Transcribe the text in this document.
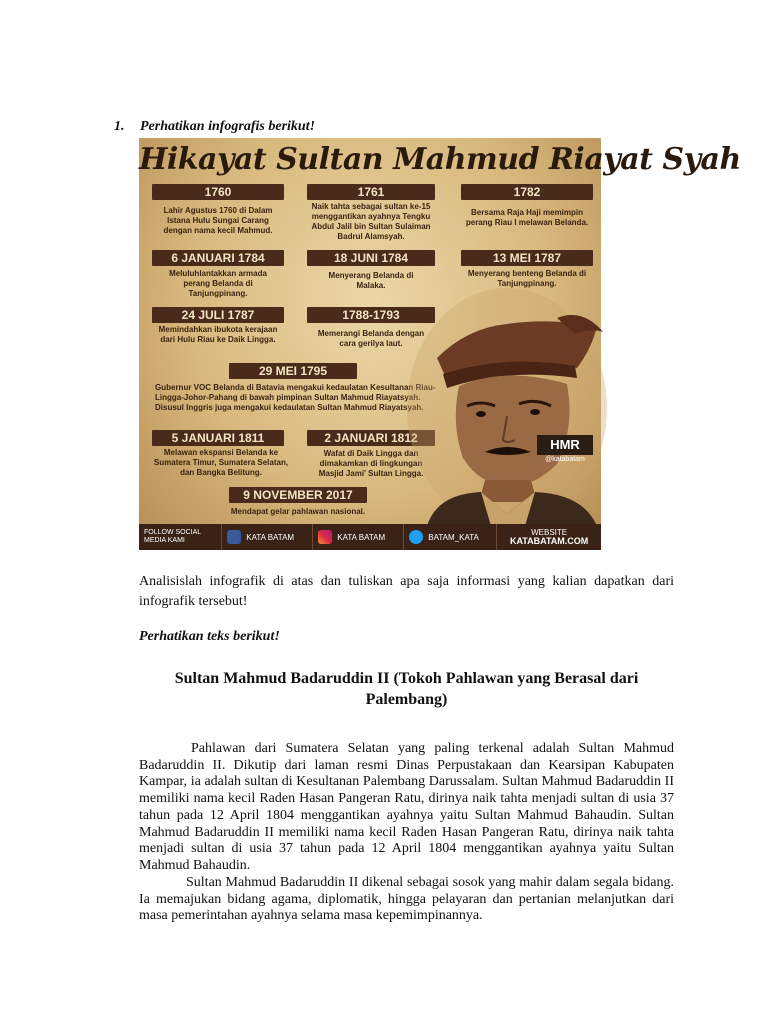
1. Perhatikan infografis berikut!
Hikayat Sultan Mahmud Riayat Syah
1760
Lahir Agustus 1760 di Dalam Istana Hulu Sungai Carang dengan nama kecil Mahmud.
1761
Naik tahta sebagai sultan ke-15 menggantikan ayahnya Tengku Abdul Jalil bin Sultan Sulaiman Badrul Alamsyah.
1782
Bersama Raja Haji memimpin perang Riau I melawan Belanda.
6 JANUARI 1784
Meluluhlantakkan armada perang Belanda di Tanjungpinang.
18 JUNI 1784
Menyerang Belanda di Malaka.
13 MEI 1787
Menyerang benteng Belanda di Tanjungpinang.
24 JULI 1787
Memindahkan ibukota kerajaan dari Hulu Riau ke Daik Lingga.
1788-1793
Memerangi Belanda dengan cara gerilya laut.
29 MEI 1795
Gubernur VOC Belanda di Batavia mengakui kedaulatan Kesultanan Riau-Lingga-Johor-Pahang di bawah pimpinan Sultan Mahmud Riayatsyah. Disusul Inggris juga mengakui kedaulatan Sultan Mahmud Riayatsyah.
5 JANUARI 1811
Melawan ekspansi Belanda ke Sumatera Timur, Sumatera Selatan, dan Bangka Belitung.
2 JANUARI 1812
Wafat di Daik Lingga dan dimakamkan di lingkungan Masjid Jami' Sultan Lingga.
9 NOVEMBER 2017
Mendapat gelar pahlawan nasional.
HMR
@katabatam
FOLLOW SOCIAL MEDIA KAMI	KATA BATAM	KATA BATAM	BATAM_KATA	WEBSITE
KATABATAM.COM
Analisislah infografik di atas dan tuliskan apa saja informasi yang kalian dapatkan dari infografik tersebut!
Perhatikan teks berikut!
Sultan Mahmud Badaruddin II (Tokoh Pahlawan yang Berasal dari Palembang)
Pahlawan dari Sumatera Selatan yang paling terkenal adalah Sultan Mahmud Badaruddin II. Dikutip dari laman resmi Dinas Perpustakaan dan Kearsipan Kabupaten Kampar, ia adalah sultan di Kesultanan Palembang Darussalam. Sultan Mahmud Badaruddin II memiliki nama kecil Raden Hasan Pangeran Ratu, dirinya naik tahta menjadi sultan di usia 37 tahun pada 12 April 1804 menggantikan ayahnya yaitu Sultan Mahmud Bahaudin. Sultan Mahmud Badaruddin II memiliki nama kecil Raden Hasan Pangeran Ratu, dirinya naik tahta menjadi sultan di usia 37 tahun pada 12 April 1804 menggantikan ayahnya yaitu Sultan Mahmud Bahaudin.
Sultan Mahmud Badaruddin II dikenal sebagai sosok yang mahir dalam segala bidang. Ia memajukan bidang agama, diplomatik, hingga pelayaran dan pertanian melanjutkan dari masa pemerintahan ayahnya selama masa kepemimpinannya.
